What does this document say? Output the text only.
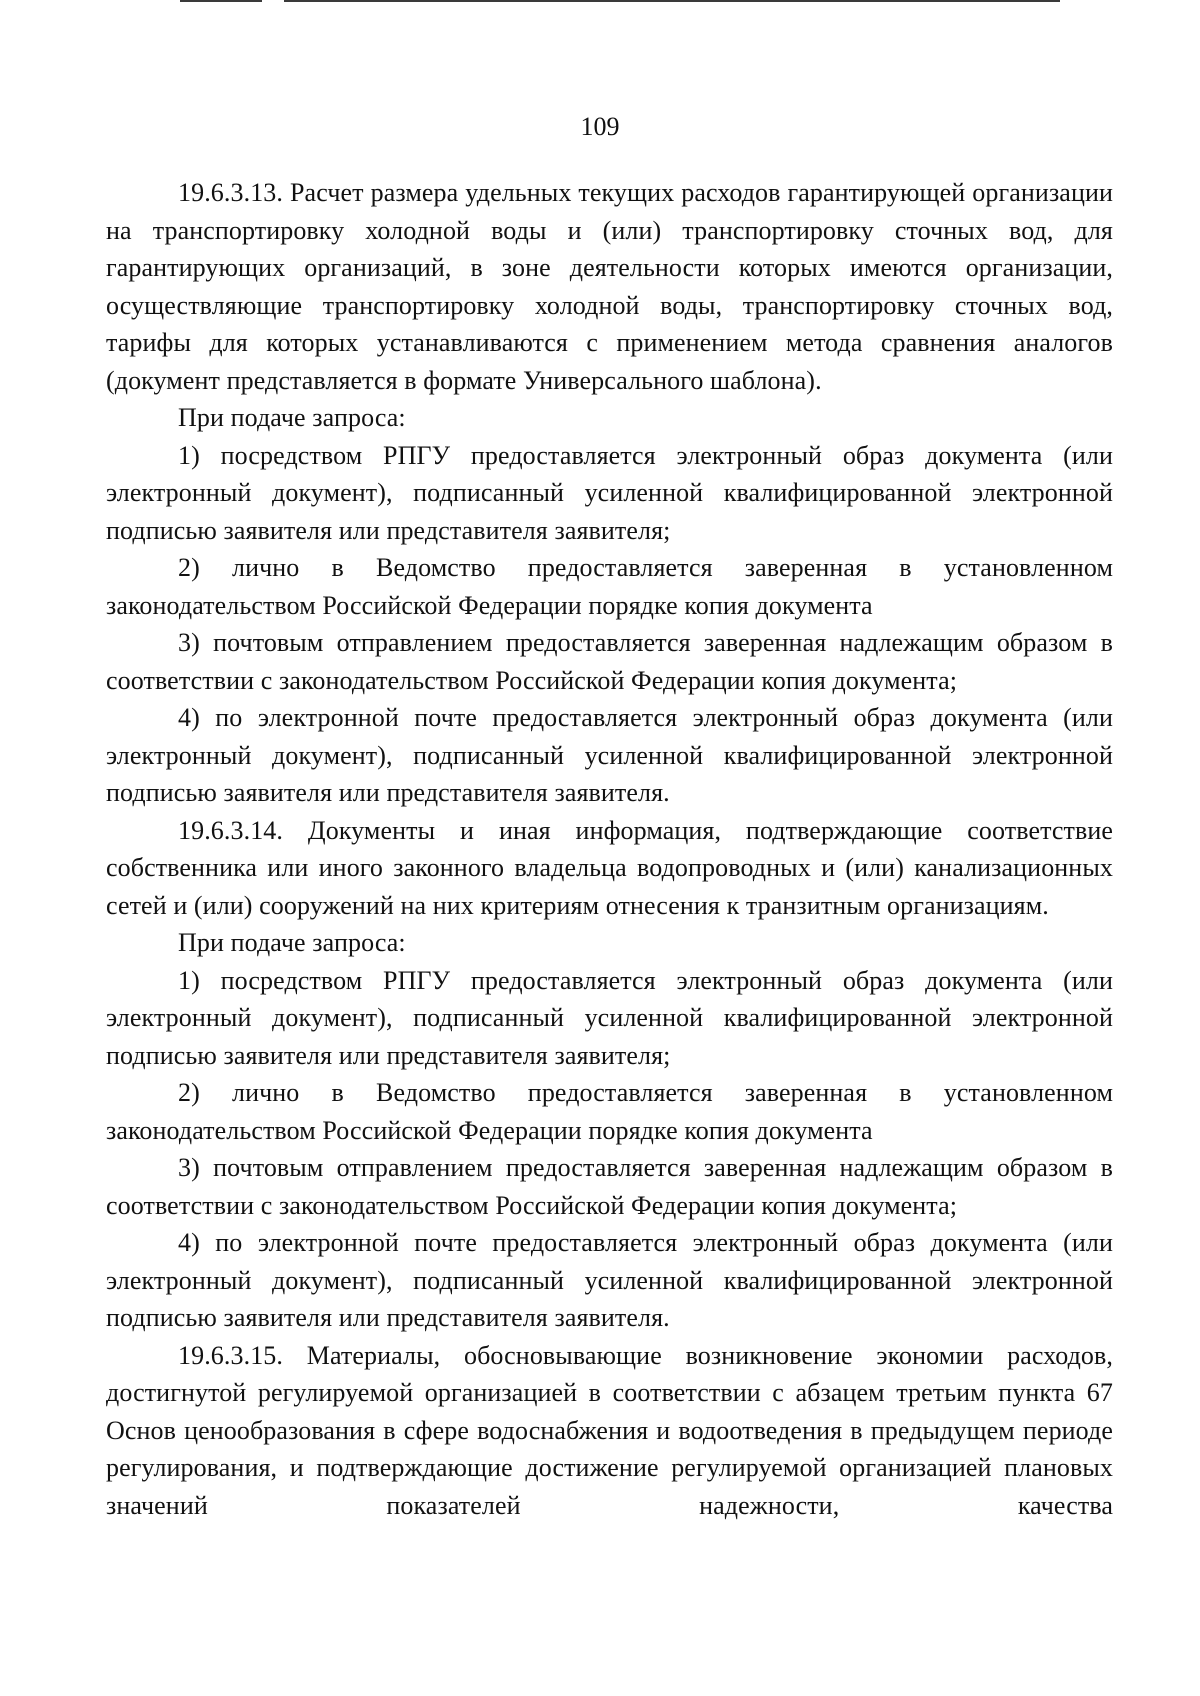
109

19.6.3.13. Расчет размера удельных текущих расходов гарантирующей организации на транспортировку холодной воды и (или) транспортировку сточных вод, для гарантирующих организаций, в зоне деятельности которых имеются организации, осуществляющие транспортировку холодной воды, транспортировку сточных вод, тарифы для которых устанавливаются с применением метода сравнения аналогов (документ представляется в формате Универсального шаблона).

При подаче запроса:

1) посредством РПГУ предоставляется электронный образ документа (или электронный документ), подписанный усиленной квалифицированной электронной подписью заявителя или представителя заявителя;

2) лично в Ведомство предоставляется заверенная в установленном законодательством Российской Федерации порядке копия документа

3) почтовым отправлением предоставляется заверенная надлежащим образом в соответствии с законодательством Российской Федерации копия документа;

4) по электронной почте предоставляется электронный образ документа (или электронный документ), подписанный усиленной квалифицированной электронной подписью заявителя или представителя заявителя.

19.6.3.14. Документы и иная информация, подтверждающие соответствие собственника или иного законного владельца водопроводных и (или) канализационных сетей и (или) сооружений на них критериям отнесения к транзитным организациям.

При подаче запроса:

1) посредством РПГУ предоставляется электронный образ документа (или электронный документ), подписанный усиленной квалифицированной электронной подписью заявителя или представителя заявителя;

2) лично в Ведомство предоставляется заверенная в установленном законодательством Российской Федерации порядке копия документа

3) почтовым отправлением предоставляется заверенная надлежащим образом в соответствии с законодательством Российской Федерации копия документа;

4) по электронной почте предоставляется электронный образ документа (или электронный документ), подписанный усиленной квалифицированной электронной подписью заявителя или представителя заявителя.

19.6.3.15. Материалы, обосновывающие возникновение экономии расходов, достигнутой регулируемой организацией в соответствии с абзацем третьим пункта 67 Основ ценообразования в сфере водоснабжения и водоотведения в предыдущем периоде регулирования, и подтверждающие достижение регулируемой организацией плановых значений показателей надежности, качества
